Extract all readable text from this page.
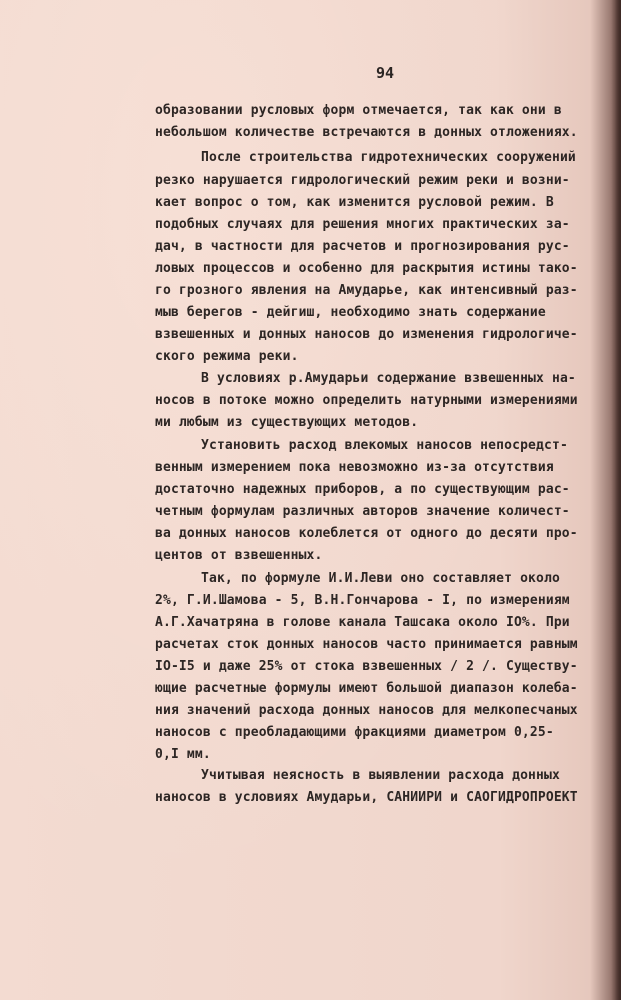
94
образовании русловых форм отмечается, так как они в
небольшом количестве встречаются в донных отложениях.
После строительства гидротехнических сооружений
резко нарушается гидрологический режим реки и возни-
кает вопрос о том, как изменится русловой режим. В
подобных случаях для решения многих практических за-
дач, в частности для расчетов и прогнозирования рус-
ловых процессов и особенно для раскрытия истины тако-
го грозного явления на Амударье, как интенсивный раз-
мыв берегов - дейгиш, необходимо знать содержание
взвешенных и донных наносов до изменения гидрологиче-
ского режима реки.
В условиях р.Амударьи содержание взвешенных на-
носов в потоке можно определить натурными измерениями
ми любым из существующих методов.
Установить расход влекомых наносов непосредст-
венным измерением пока невозможно из-за отсутствия
достаточно надежных приборов, а по существующим рас-
четным формулам различных авторов значение количест-
ва донных наносов колеблется от одного до десяти про-
центов от взвешенных.
Так, по формуле И.И.Леви оно составляет около
2%, Г.И.Шамова - 5, В.Н.Гончарова - I, по измерениям
А.Г.Хачатряна в голове канала Ташсака около IO%. При
расчетах сток донных наносов часто принимается равным
IO-I5 и даже 25% от стока взвешенных / 2 /. Существу-
ющие расчетные формулы имеют большой диапазон колеба-
ния значений расхода донных наносов для мелкопесчаных
наносов с преобладающими фракциями диаметром 0,25-
0,I мм.
Учитывая неясность в выявлении расхода донных
наносов в условиях Амударьи, САНИИРИ и САОГИДРОПРОЕКТ
